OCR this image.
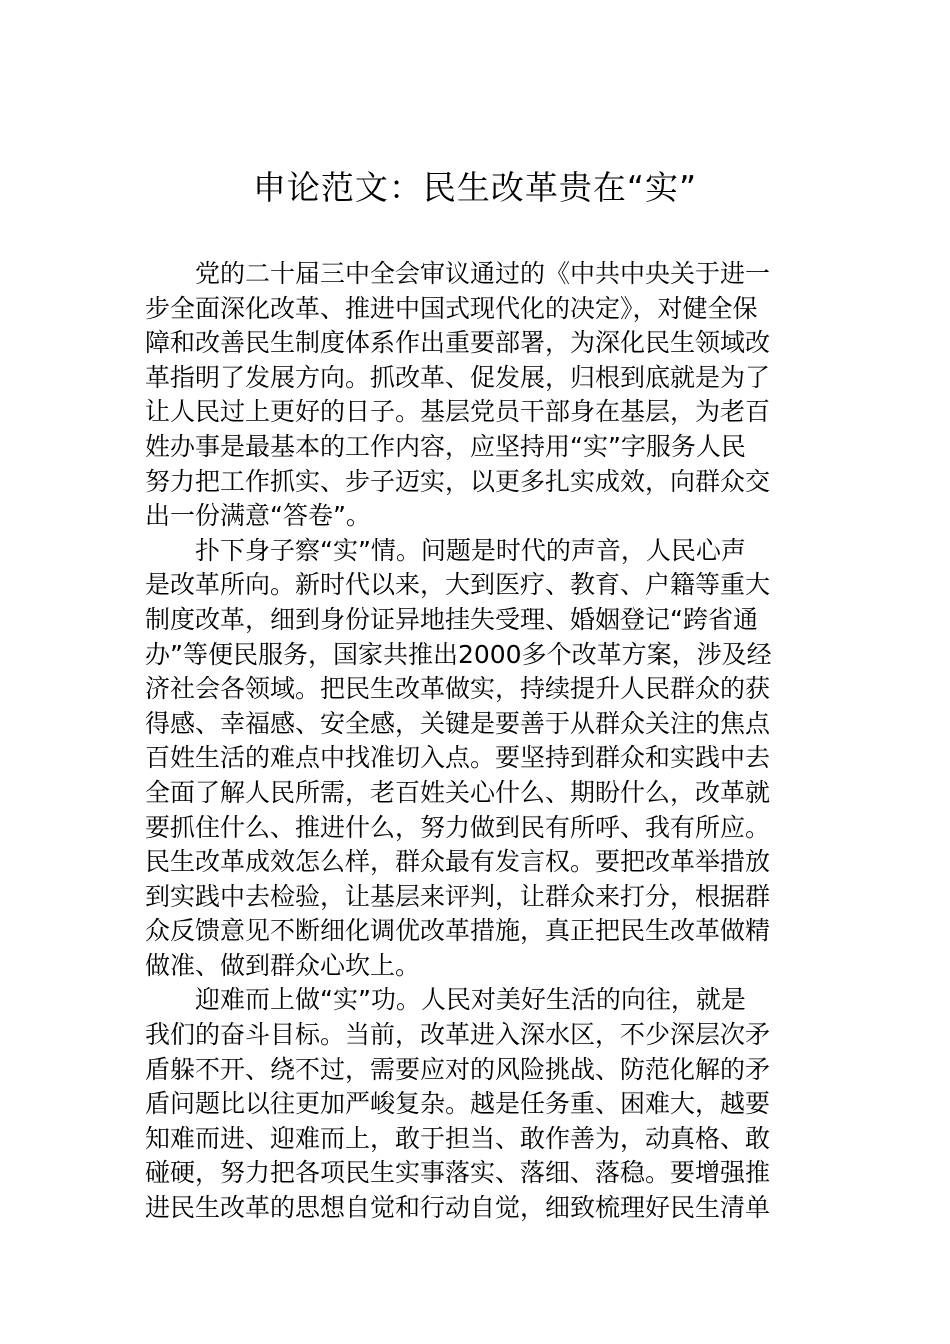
申论范文：民生改革贵在“实”
　　党的二十届三中全会审议通过的《中共中央关于进一
步全面深化改革、推进中国式现代化的决定》，对健全保
障和改善民生制度体系作出重要部署，为深化民生领域改
革指明了发展方向。抓改革、促发展，归根到底就是为了
让人民过上更好的日子。基层党员干部身在基层，为老百
姓办事是最基本的工作内容，应坚持用“实”字服务人民
努力把工作抓实、步子迈实，以更多扎实成效，向群众交
出一份满意“答卷”。
　　扑下身子察“实”情。问题是时代的声音，人民心声
是改革所向。新时代以来，大到医疗、教育、户籍等重大
制度改革，细到身份证异地挂失受理、婚姻登记“跨省通
办”等便民服务，国家共推出2000多个改革方案，涉及经
济社会各领域。把民生改革做实，持续提升人民群众的获
得感、幸福感、安全感，关键是要善于从群众关注的焦点
百姓生活的难点中找准切入点。要坚持到群众和实践中去
全面了解人民所需，老百姓关心什么、期盼什么，改革就
要抓住什么、推进什么，努力做到民有所呼、我有所应。
民生改革成效怎么样，群众最有发言权。要把改革举措放
到实践中去检验，让基层来评判，让群众来打分，根据群
众反馈意见不断细化调优改革措施，真正把民生改革做精
做准、做到群众心坎上。
　　迎难而上做“实”功。人民对美好生活的向往，就是
我们的奋斗目标。当前，改革进入深水区，不少深层次矛
盾躲不开、绕不过，需要应对的风险挑战、防范化解的矛
盾问题比以往更加严峻复杂。越是任务重、困难大，越要
知难而进、迎难而上，敢于担当、敢作善为，动真格、敢
碰硬，努力把各项民生实事落实、落细、落稳。要增强推
进民生改革的思想自觉和行动自觉，细致梳理好民生清单
